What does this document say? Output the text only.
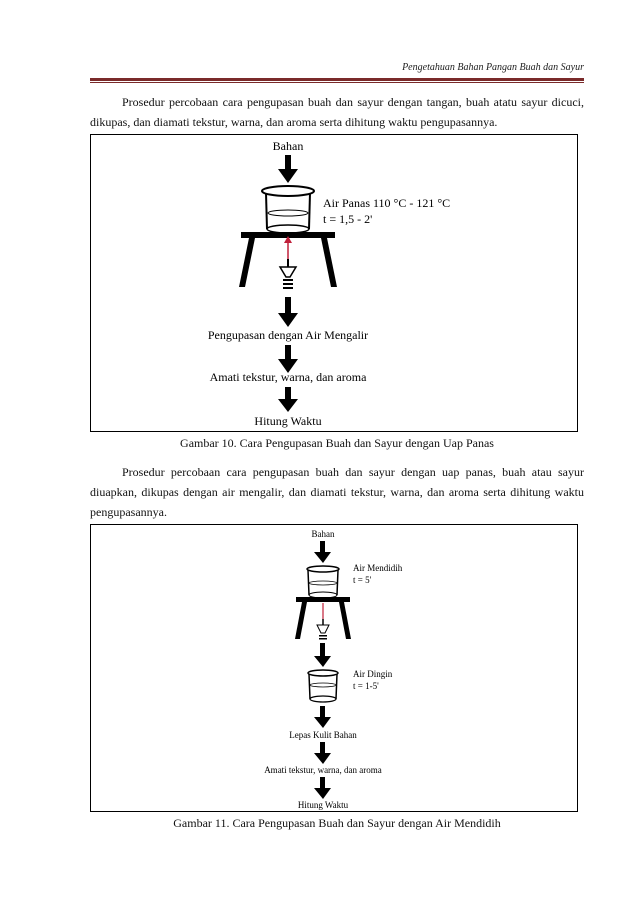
Pengetahuan Bahan Pangan Buah dan Sayur
Prosedur percobaan cara pengupasan buah dan sayur dengan tangan, buah atatu sayur dicuci, dikupas, dan diamati tekstur, warna, dan aroma serta dihitung waktu pengupasannya.
Bahan
Air Panas 110 °C - 121 °C
t = 1,5 - 2'
Pengupasan dengan Air Mengalir
Amati tekstur, warna, dan aroma
Hitung Waktu
Gambar 10. Cara Pengupasan Buah dan Sayur dengan Uap Panas
Prosedur percobaan cara pengupasan buah dan sayur dengan uap panas, buah atau sayur diuapkan, dikupas dengan air mengalir, dan diamati tekstur, warna, dan aroma serta dihitung waktu pengupasannya.
Bahan
Air Mendidih
t = 5'
Air Dingin
t = 1-5'
Lepas Kulit Bahan
Amati tekstur, warna, dan aroma
Hitung Waktu
Gambar 11. Cara Pengupasan Buah dan Sayur dengan Air Mendidih
